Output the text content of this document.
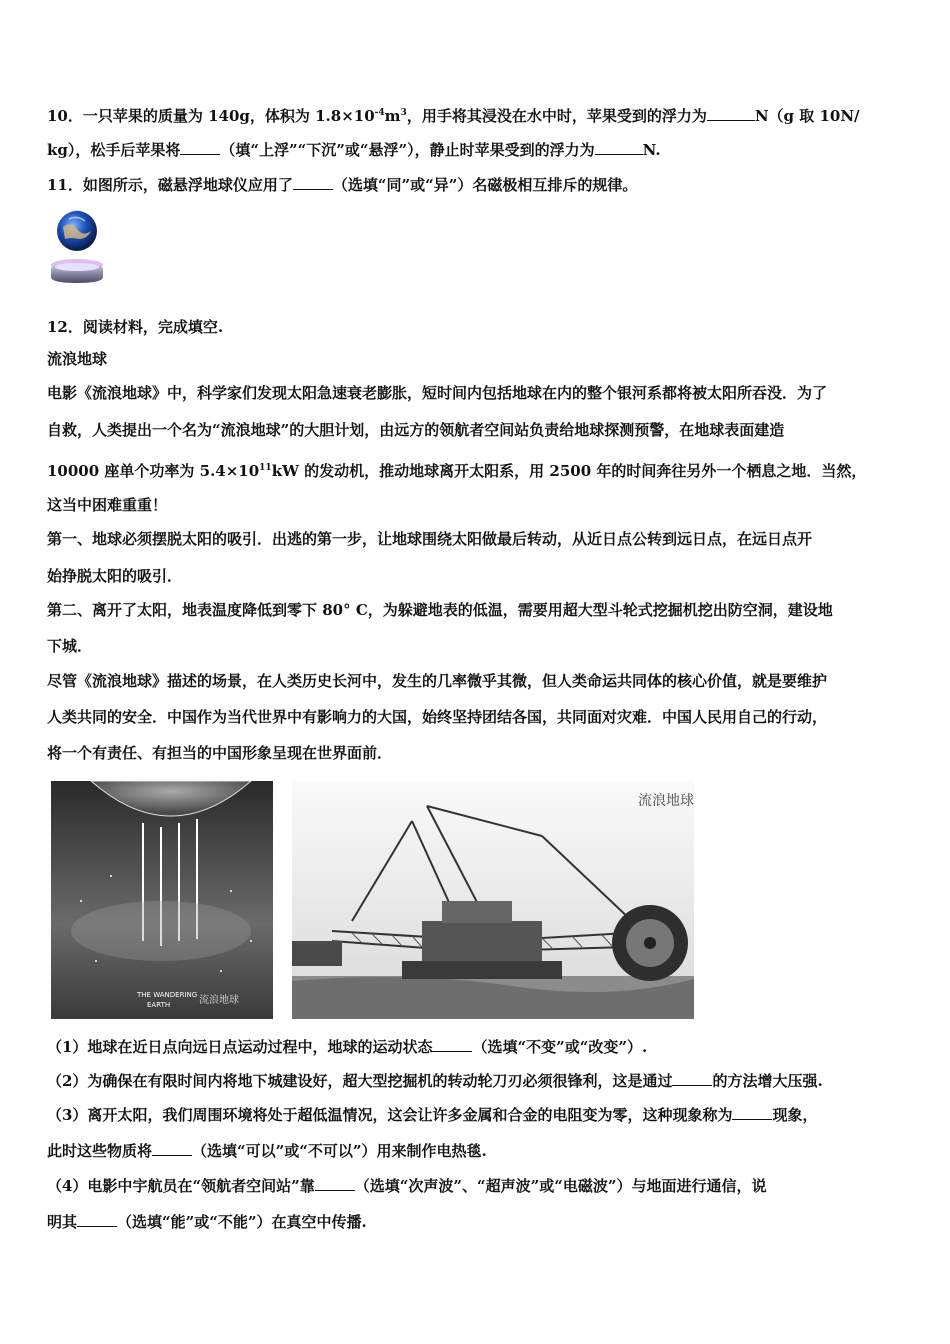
10．一只苹果的质量为 140g，体积为 $1.8\times 10^{-4}m^3$，用手将其浸没在水中时，苹果受到的浮力为	N（g 取 10N/
kg），松手后苹果将	（填“上浮”“下沉”或“悬浮”），静止时苹果受到的浮力为	N.
11．如图所示，磁悬浮地球仪应用了	（选填“同”或“异”）名磁极相互排斥的规律。
12．阅读材料，完成填空.
流浪地球
电影《流浪地球》中，科学家们发现太阳急速衰老膨胀，短时间内包括地球在内的整个银河系都将被太阳所吞没．为了
自救，人类提出一个名为“流浪地球”的大胆计划，由远方的领航者空间站负责给地球探测预警，在地球表面建造
10000 座单个功率为 $5.4\times 10^{11}kW$ 的发动机，推动地球离开太阳系，用 2500 年的时间奔往另外一个栖息之地．当然，
这当中困难重重！
第一、地球必须摆脱太阳的吸引．出逃的第一步，让地球围绕太阳做最后转动，从近日点公转到远日点，在远日点开
始挣脱太阳的吸引．
第二、离开了太阳，地表温度降低到零下 80° C，为躲避地表的低温，需要用超大型斗轮式挖掘机挖出防空洞，建设地
下城．
尽管《流浪地球》描述的场景，在人类历史长河中，发生的几率微乎其微，但人类命运共同体的核心价值，就是要维护
人类共同的安全．中国作为当代世界中有影响力的大国，始终坚持团结各国，共同面对灾难．中国人民用自己的行动，
将一个有责任、有担当的中国形象呈现在世界面前．
THE WANDERING
EARTH	流浪地球
流浪地球
（1）地球在近日点向远日点运动过程中，地球的运动状态	（选填“不变”或“改变”）.
（2）为确保在有限时间内将地下城建设好，超大型挖掘机的转动轮刀刃必须很锋利，这是通过	的方法增大压强.
（3）离开太阳，我们周围环境将处于超低温情况，这会让许多金属和合金的电阻变为零，这种现象称为	现象，
此时这些物质将	（选填“可以”或“不可以”）用来制作电热毯.
（4）电影中宇航员在“领航者空间站”靠	（选填“次声波”、“超声波”或“电磁波”）与地面进行通信，说
明其	（选填“能”或“不能”）在真空中传播.
